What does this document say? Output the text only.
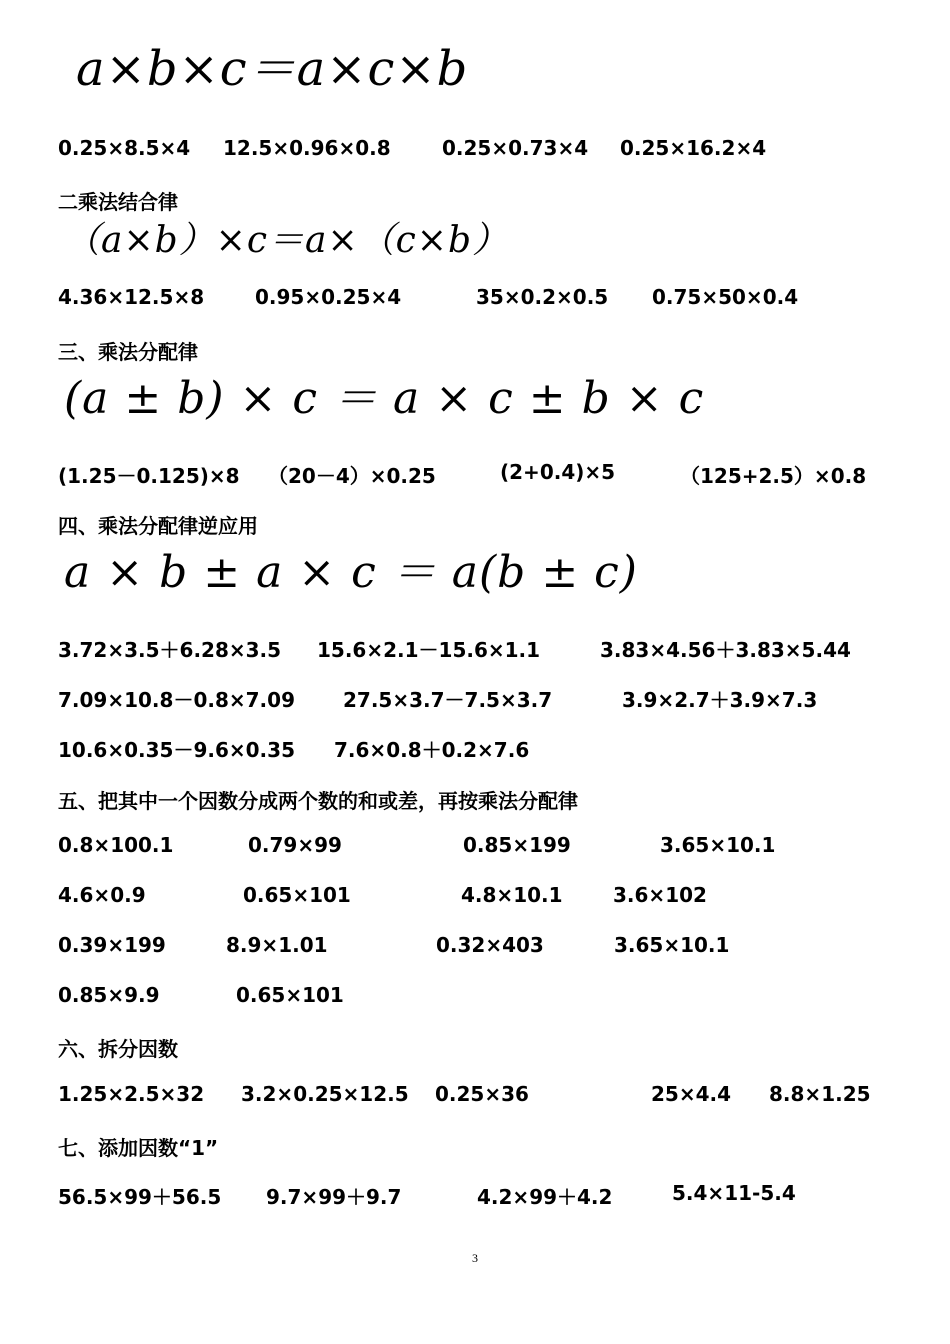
a×b×c＝a×c×b
0.25×8.5×4 12.5×0.96×0.8	0.25×0.73×4 0.25×16.2×4
二乘法结合律
（a×b）×c＝a×（c×b）
4.36×12.5×8	0.95×0.25×4	35×0.2×0.5 0.75×50×0.4
三、乘法分配律
(a ± b) × c ＝ a × c ± b × c
(1.25－0.125)×8 （20－4）×0.25	(2+0.4)×5	（125+2.5）×0.8
四、乘法分配律逆应用
a × b ± a × c ＝ a(b ± c)
3.72×3.5＋6.28×3.5 15.6×2.1－15.6×1.1	3.83×4.56＋3.83×5.44
7.09×10.8－0.8×7.09 27.5×3.7－7.5×3.7	3.9×2.7＋3.9×7.3
10.6×0.35－9.6×0.35 7.6×0.8＋0.2×7.6
五、把其中一个因数分成两个数的和或差，再按乘法分配律
0.8×100.1	0.79×99	0.85×199	3.65×10.1
4.6×0.9	0.65×101	4.8×10.1	3.6×102
0.39×199	8.9×1.01	0.32×403	3.65×10.1
0.85×9.9	0.65×101
六、拆分因数
1.25×2.5×32 3.2×0.25×12.5 0.25×36	25×4.4 8.8×1.25
七、添加因数“1”
56.5×99＋56.5 9.7×99＋9.7	4.2×99＋4.2	5.4×11-5.4
3
